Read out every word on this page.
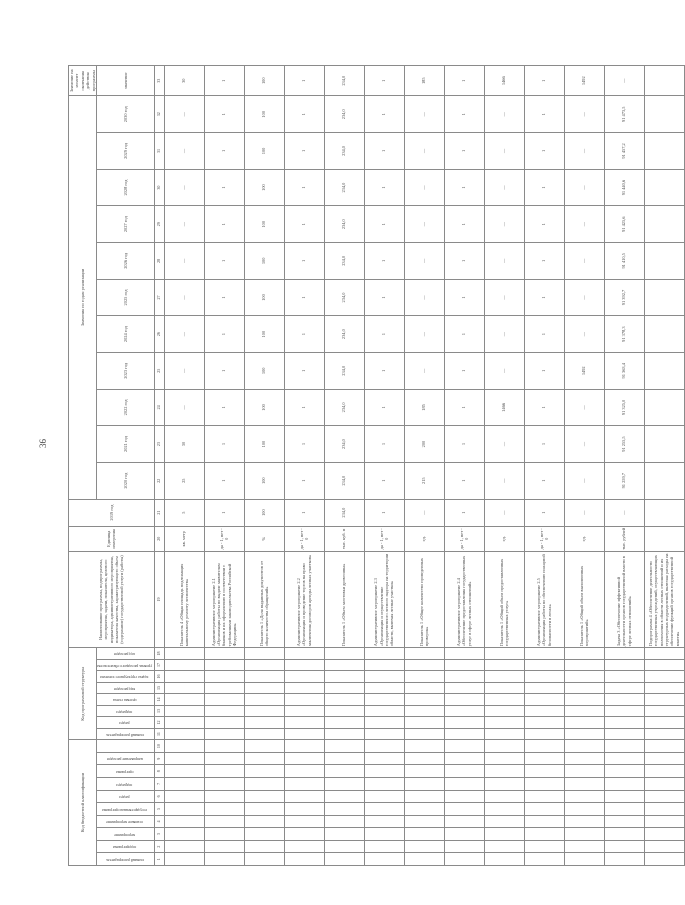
36
Код бюджетной классификации										Код программной структуры								Наименование программы, подпрограммы, мероприятия, задачи, показателя, целевого индикатора, административного мероприятия, показателя качества, характеризующего объем (содержание) государственной услуги (работы)	Единица измерения	2019 год	Значения по годам реализации											Значение на момент окончания действия программы	
главный распорядитель	подпрограмма	мероприятие	основное мероприятие	государственная программа	раздел	подраздел	программа	направление расходов		главный распорядитель	раздел	подраздел	целевая статья	вид расходов	задача структурного элемента	уровень расходного обязательства	код расходов				2020 год	2021 год	2022 год	2023 год	2024 год	2025 год	2026 год	2027 год	2028 год	2029 год	2030 год	значение	
1	2	3	4	5	6	7	8	9	10	11	12	13	14	15	16	17	18	19	20	21	22	23	24	25	26	27	28	29	30	31	32	33	
																		Показатель 4 «Общая площадь подлежащих капитальному ремонту лесничеств»	кв. метр	5	25	30	—	—	—	—	—	—	—	—	—	30	
																		Административное мероприятие 2.1 «Организация работы по выдаче заявителям бланков и их оформлению в соответствии с требованиями законодательства Российской Федерации»	да - 1, нет - 0	1	1	1	1	1	1	1	1	1	1	1	1	1	
																		Показатель 1 «Доля выданных документов от общего количества обращений»	%	100	100	100	100	100	100	100	100	100	100	100	100	100	
																		Административное мероприятие 2.2 «Организация и проведение торгов на право заключения договоров аренды лесных участков»	да - 1, нет - 0	1	1	1	1	1	1	1	1	1	1	1	1	1	
																		Показатель 1 «Объем заготовки древесины»	тыс. куб. м	234,0	234,0	234,0	234,0	234,0	234,0	234,0	234,0	234,0	234,0	234,0	234,0	234,0	
																		Административное мероприятие 2.3 «Организация и осуществление государственного лесного надзора на территории области, включая лесные участки»	да - 1, нет - 0	1	1	1	1	1	1	1	1	1	1	1	1	1	
																		Показатель 1 «Общее количество проведенных проверок»	ед.	—	215	200	185	—	—	—	—	—	—	—	—	185	
																		Административное мероприятие 2.4 «Обеспечение предоставления государственных услуг в сфере лесных отношений»	да - 1, нет - 0	1	1	1	1	1	1	1	1	1	1	1	1	1	
																		Показатель 1 «Общий объем предоставленных государственных услуг»	ед.	—	—	—	1466	—	—	—	—	—	—	—	—	1466	
																		Административное мероприятие 2.5 «Организация работы по обеспечению пожарной безопасности в лесах»	да - 1, нет - 0	1	1	1	1	1	1	1	1	1	1	1	1	1	
																		Показатель 1 «Общий объем выполненных мероприятий»	ед.	—	—	—	—	1492	—	—	—	—	—	—	—	1492	
																		Задача 3 «Обеспечение эффективной деятельности органов государственной власти в сфере лесных отношений»	тыс. рублей	—	91 259,7	91 255,5	91 325,0	91 363,4	91 378,3	91 392,7	91 410,5	91 425,6	91 440,6	91 457,2	91 473,5	—	
																		Подпрограмма 4 «Обеспечение деятельности государственных учреждений, осуществляющих полномочия в области лесных отношений и их структурных подразделений, включая расходы на обеспечение функций органов государственной власти»															
